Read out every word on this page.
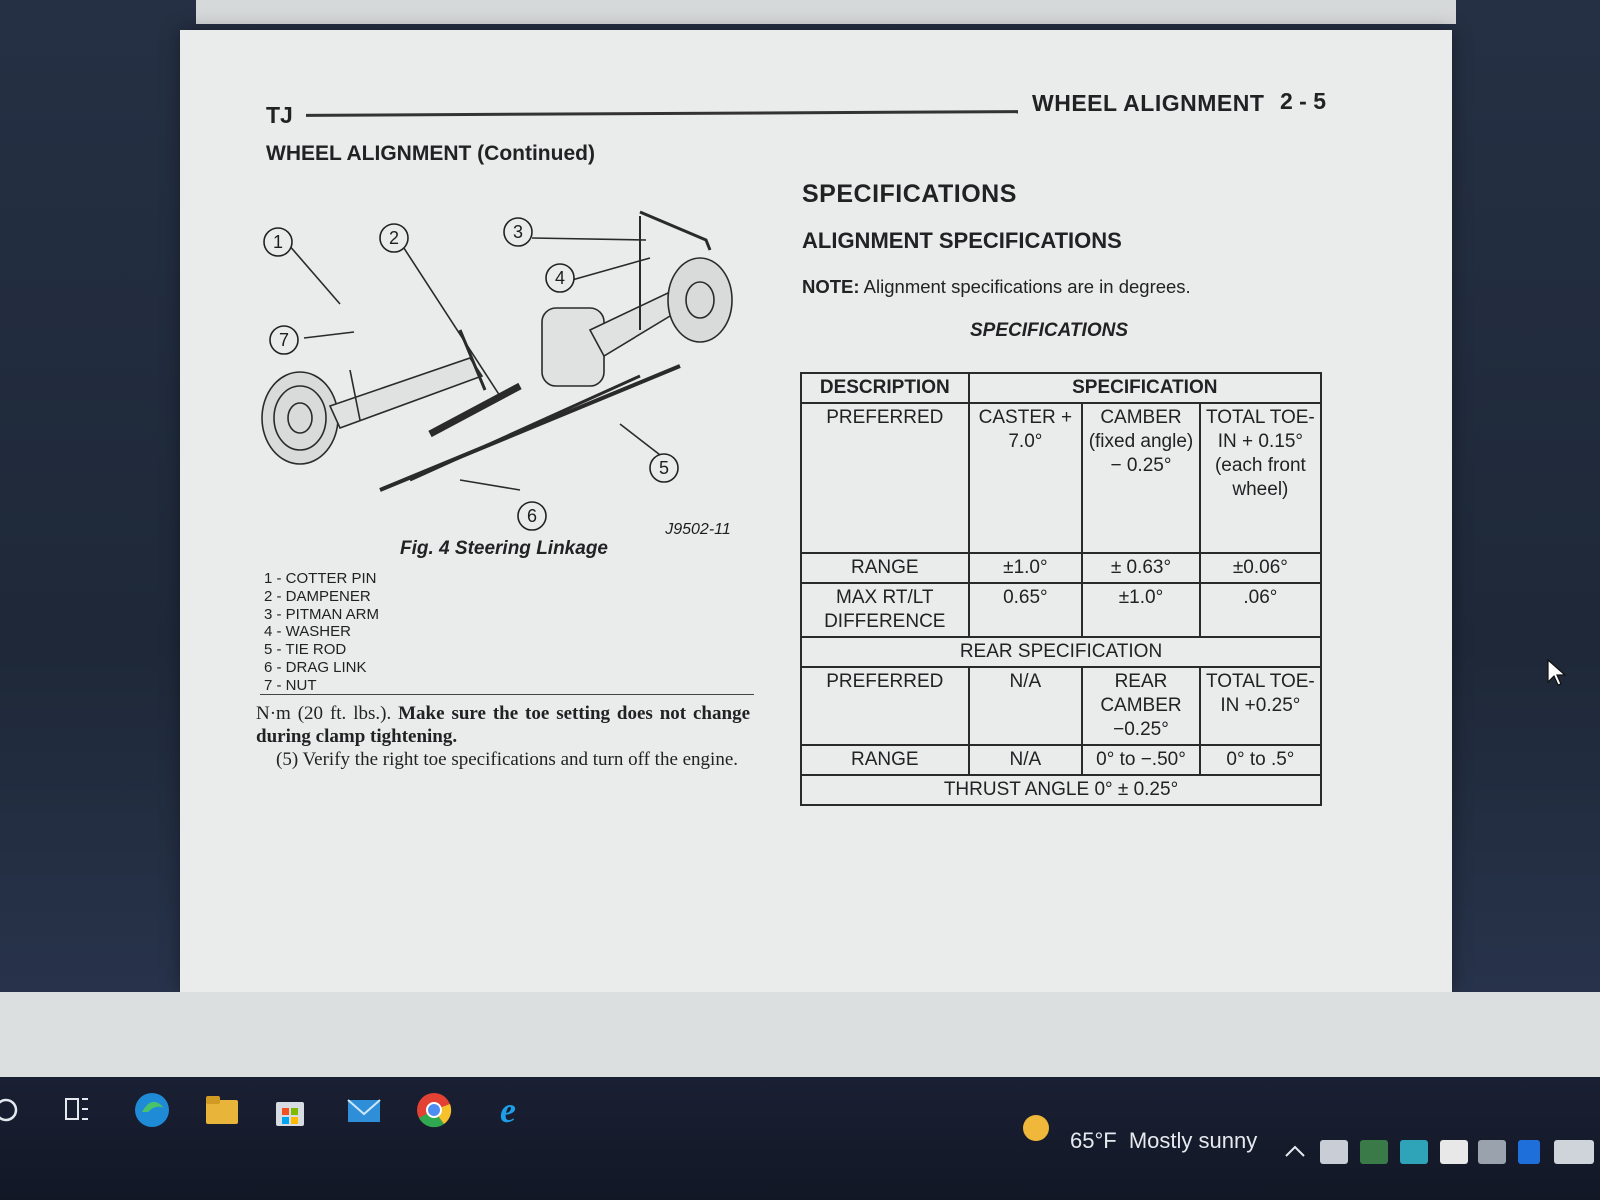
TJ	WHEEL ALIGNMENT 2 - 5
WHEEL ALIGNMENT (Continued)
1	2	3
4
5
6
7
J9502-11
Fig. 4 Steering Linkage
1 - COTTER PIN
2 - DAMPENER
3 - PITMAN ARM
4 - WASHER
5 - TIE ROD
6 - DRAG LINK
7 - NUT

N·m (20 ft. lbs.). Make sure the toe setting does not change during clamp tightening.

(5) Verify the right toe specifications and turn off the engine.

SPECIFICATIONS
ALIGNMENT SPECIFICATIONS
NOTE: Alignment specifications are in degrees.
SPECIFICATIONS
DESCRIPTION	SPECIFICATION		
PREFERRED	CASTER + 7.0°	CAMBER (fixed angle) − 0.25°	TOTAL TOE-IN + 0.15° (each front wheel)
RANGE	±1.0°	± 0.63°	±0.06°
MAX RT/LT DIFFERENCE	0.65°	±1.0°	.06°
REAR SPECIFICATION			
PREFERRED	N/A	REAR CAMBER −0.25°	TOTAL TOE-IN +0.25°
RANGE	N/A	0° to −.50°	0° to .5°
THRUST ANGLE 0° ± 0.25°			
e
65°F Mostly sunny
